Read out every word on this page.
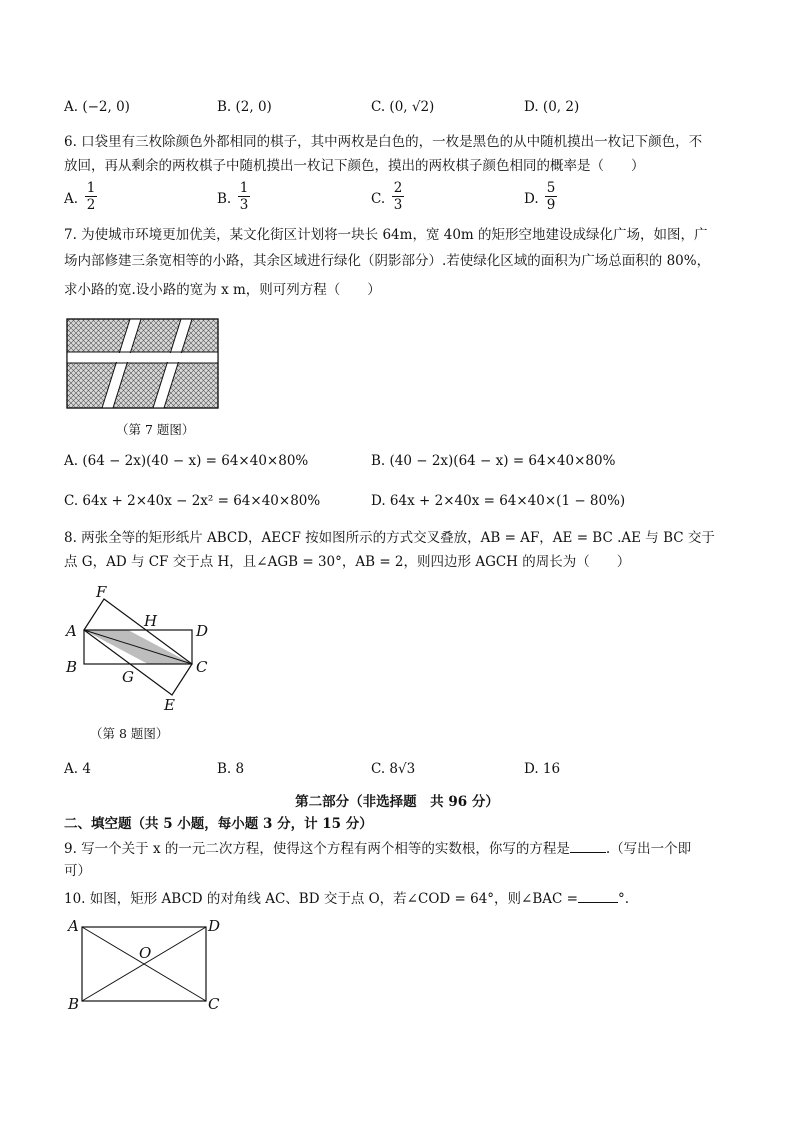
A. (−2, 0)	B. (2, 0)	C. (0, √2)	D. (0, 2)
6. 口袋里有三枚除颜色外都相同的棋子，其中两枚是白色的，一枚是黑色的从中随机摸出一枚记下颜色，不
放回，再从剩余的两枚棋子中随机摸出一枚记下颜色，摸出的两枚棋子颜色相同的概率是（　　）
A.
1
2	B.
1
3	C.
2
3	D.
5
9
7. 为使城市环境更加优美，某文化街区计划将一块长 64m，宽 40m 的矩形空地建设成绿化广场，如图，广
场内部修建三条宽相等的小路，其余区域进行绿化（阴影部分）.若使绿化区域的面积为广场总面积的 80%，
求小路的宽.设小路的宽为 x m，则可列方程（　　）
（第 7 题图）
A. (64 − 2x)(40 − x) = 64×40×80%	B. (40 − 2x)(64 − x) = 64×40×80%
C. 64x + 2×40x − 2x² = 64×40×80%	D. 64x + 2×40x = 64×40×(1 − 80%)
8. 两张全等的矩形纸片 ABCD，AECF 按如图所示的方式交叉叠放，AB = AF，AE = BC .AE 与 BC 交于
点 G，AD 与 CF 交于点 H，且∠AGB = 30°，AB = 2，则四边形 AGCH 的周长为（　　）
F
H
A	D
B	C
G
E
（第 8 题图）
A. 4	B. 8	C. 8√3	D. 16
第二部分（非选择题　共 96 分）
二、填空题（共 5 小题，每小题 3 分，计 15 分）
9. 写一个关于 x 的一元二次方程，使得这个方程有两个相等的实数根，你写的方程是	.（写出一个即
可）
10. 如图，矩形 ABCD 的对角线 AC、BD 交于点 O，若∠COD = 64°，则∠BAC =	°.
A	D
O
B	C
